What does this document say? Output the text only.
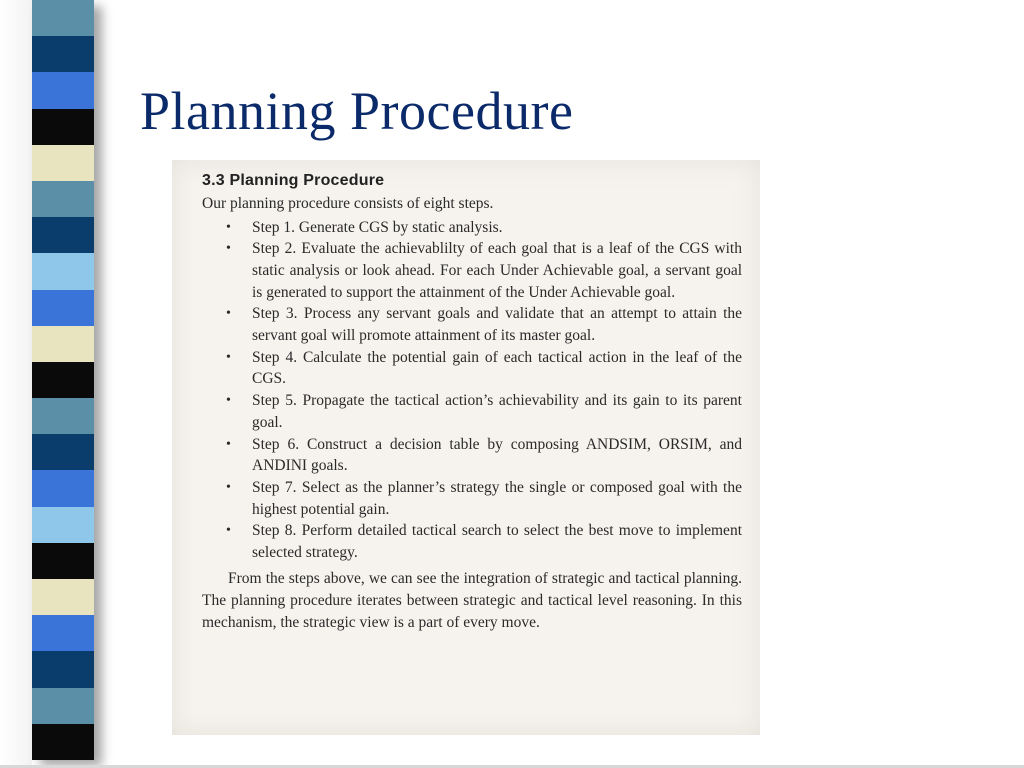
Planning Procedure
3.3 Planning Procedure

Our planning procedure consists of eight steps.

• Step 1. Generate CGS by static analysis.
• Step 2. Evaluate the achievablilty of each goal that is a leaf of the CGS with static analysis or look ahead. For each Under Achievable goal, a servant goal is generated to support the attainment of the Under Achievable goal.
• Step 3. Process any servant goals and validate that an attempt to attain the servant goal will promote attainment of its master goal.
• Step 4. Calculate the potential gain of each tactical action in the leaf of the CGS.
• Step 5. Propagate the tactical action’s achievability and its gain to its parent goal.
• Step 6. Construct a decision table by composing ANDSIM, ORSIM, and ANDINI goals.
• Step 7. Select as the planner’s strategy the single or composed goal with the highest potential gain.
• Step 8. Perform detailed tactical search to select the best move to implement selected strategy.

From the steps above, we can see the integration of strategic and tactical planning. The planning procedure iterates between strategic and tactical level reasoning. In this mechanism, the strategic view is a part of every move.
